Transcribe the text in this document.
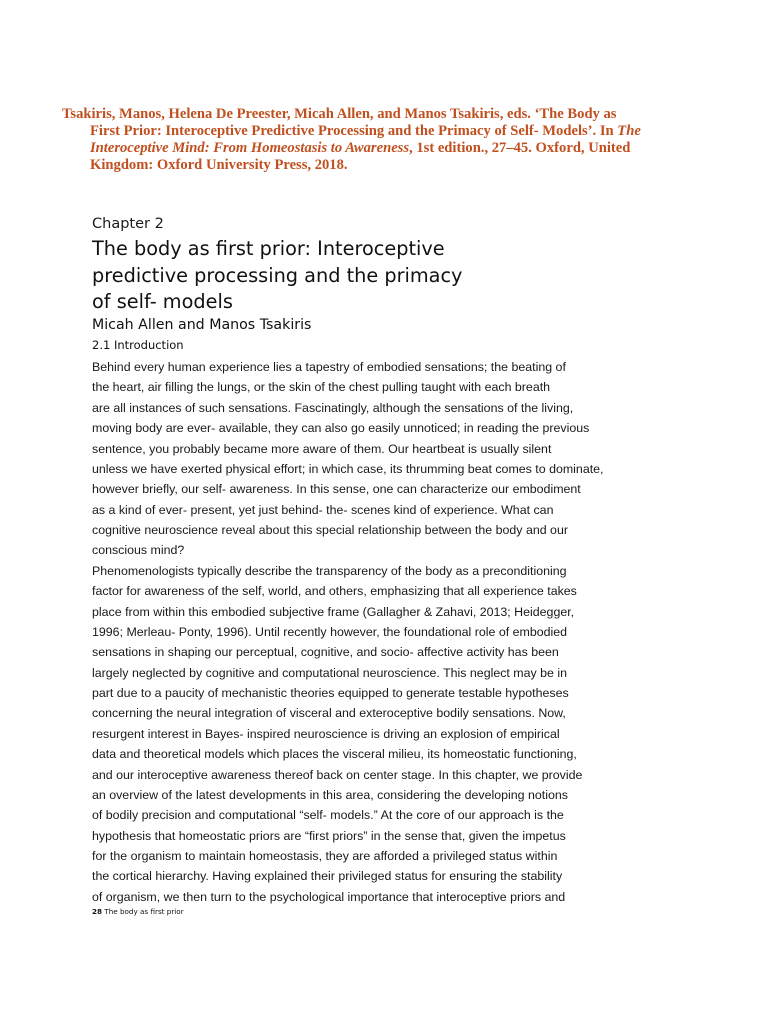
Tsakiris, Manos, Helena De Preester, Micah Allen, and Manos Tsakiris, eds. ‘The Body as
First Prior: Interoceptive Predictive Processing and the Primacy of Self- Models’. In The
Interoceptive Mind: From Homeostasis to Awareness, 1st edition., 27–45. Oxford, United
Kingdom: Oxford University Press, 2018.
Chapter 2
The body as first prior: Interoceptive
predictive processing and the primacy
of self- models
Micah Allen and Manos Tsakiris
2.1 Introduction
Behind every human experience lies a tapestry of embodied sensations; the beating of
the heart, air filling the lungs, or the skin of the chest pulling taught with each breath
are all instances of such sensations. Fascinatingly, although the sensations of the living,
moving body are ever- available, they can also go easily unnoticed; in reading the previous
sentence, you probably became more aware of them. Our heartbeat is usually silent
unless we have exerted physical effort; in which case, its thrumming beat comes to dominate,
however briefly, our self- awareness. In this sense, one can characterize our embodiment
as a kind of ever- present, yet just behind- the- scenes kind of experience. What can
cognitive neuroscience reveal about this special relationship between the body and our
conscious mind?
Phenomenologists typically describe the transparency of the body as a preconditioning
factor for awareness of the self, world, and others, emphasizing that all experience takes
place from within this embodied subjective frame (Gallagher & Zahavi, 2013; Heidegger,
1996; Merleau- Ponty, 1996). Until recently however, the foundational role of embodied
sensations in shaping our perceptual, cognitive, and socio- affective activity has been
largely neglected by cognitive and computational neuroscience. This neglect may be in
part due to a paucity of mechanistic theories equipped to generate testable hypotheses
concerning the neural integration of visceral and exteroceptive bodily sensations. Now,
resurgent interest in Bayes- inspired neuroscience is driving an explosion of empirical
data and theoretical models which places the visceral milieu, its homeostatic functioning,
and our interoceptive awareness thereof back on center stage. In this chapter, we provide
an overview of the latest developments in this area, considering the developing notions
of bodily precision and computational “self- models.” At the core of our approach is the
hypothesis that homeostatic priors are “first priors” in the sense that, given the impetus
for the organism to maintain homeostasis, they are afforded a privileged status within
the cortical hierarchy. Having explained their privileged status for ensuring the stability
of organism, we then turn to the psychological importance that interoceptive priors and
28 The body as first prior
